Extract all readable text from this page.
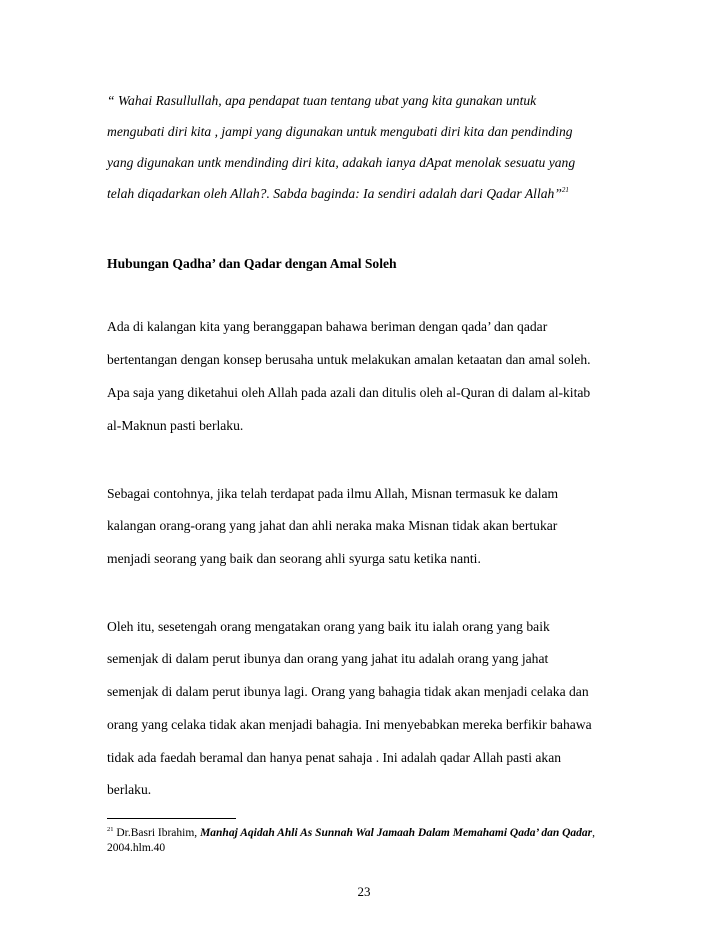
“ Wahai Rasullullah, apa pendapat tuan tentang ubat yang kita gunakan untuk
mengubati diri kita , jampi yang digunakan untuk mengubati diri kita dan pendinding
yang digunakan untk mendinding diri kita, adakah ianya dApat menolak sesuatu yang
telah diqadarkan oleh Allah?. Sabda baginda: Ia sendiri adalah dari Qadar Allah”$^{21}$
Hubungan Qadha’ dan Qadar dengan Amal Soleh
Ada di kalangan kita yang beranggapan bahawa beriman dengan qada’ dan qadar
bertentangan dengan konsep berusaha untuk melakukan amalan ketaatan dan amal soleh.
Apa saja yang diketahui oleh Allah pada azali dan ditulis oleh al-Quran di dalam al-kitab
al-Maknun pasti berlaku.
Sebagai contohnya, jika telah terdapat pada ilmu Allah, Misnan termasuk ke dalam
kalangan orang-orang yang jahat dan ahli neraka maka Misnan tidak akan bertukar
menjadi seorang yang baik dan seorang ahli syurga satu ketika nanti.
Oleh itu, sesetengah orang mengatakan orang yang baik itu ialah orang yang baik
semenjak di dalam perut ibunya dan orang yang jahat itu adalah orang yang jahat
semenjak di dalam perut ibunya lagi. Orang yang bahagia tidak akan menjadi celaka dan
orang yang celaka tidak akan menjadi bahagia. Ini menyebabkan mereka berfikir bahawa
tidak ada faedah beramal dan hanya penat sahaja . Ini adalah qadar Allah pasti akan
berlaku.
$^{21}$ Dr.Basri Ibrahim, Manhaj Aqidah Ahli As Sunnah Wal Jamaah Dalam Memahami Qada’ dan Qadar,
2004.hlm.40
23
